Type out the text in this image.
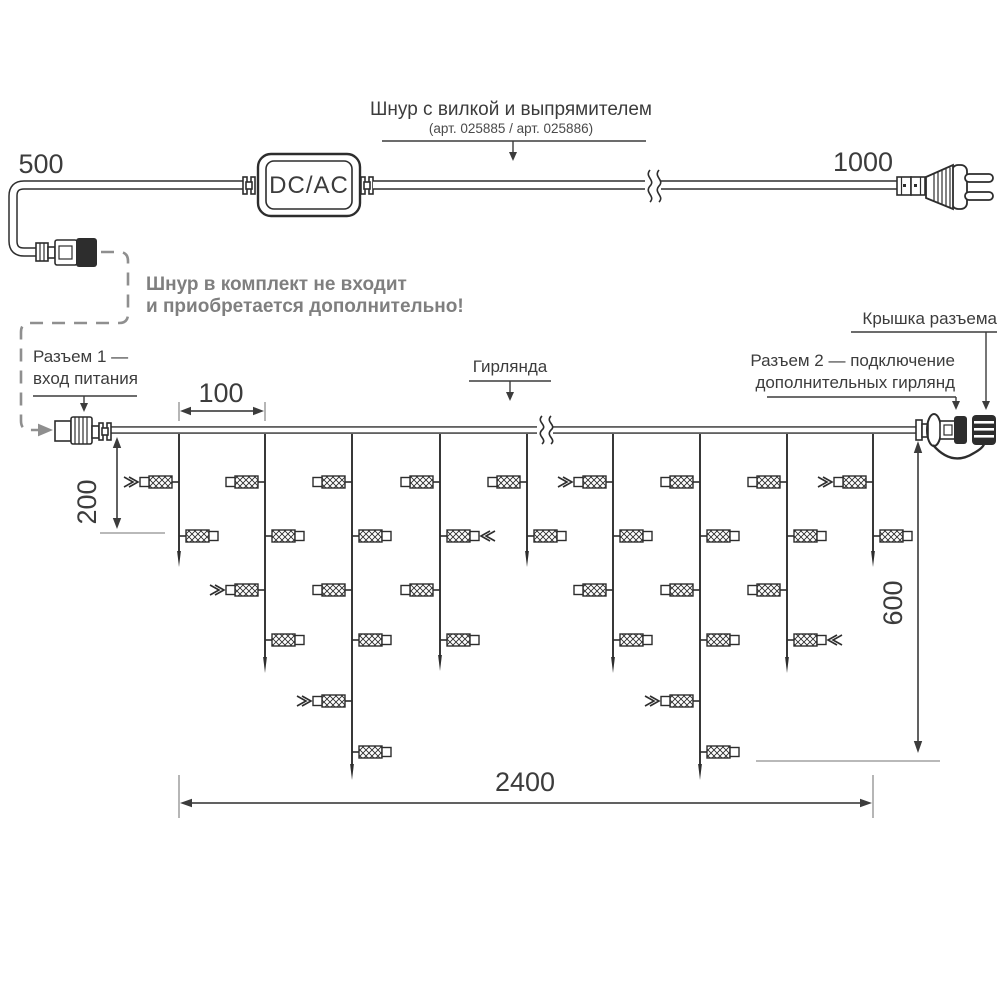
500
Шнур в комплект не входит
и приобретается дополнительно!
DC/AC
1000
Шнур с вилкой и выпрямителем
(арт. 025885 / арт. 025886)
Разъем 1 —
вход питания 100
200
Гирлянда
Крышка разъема
Разъем 2 — подключение
дополнительных гирлянд
600
2400
